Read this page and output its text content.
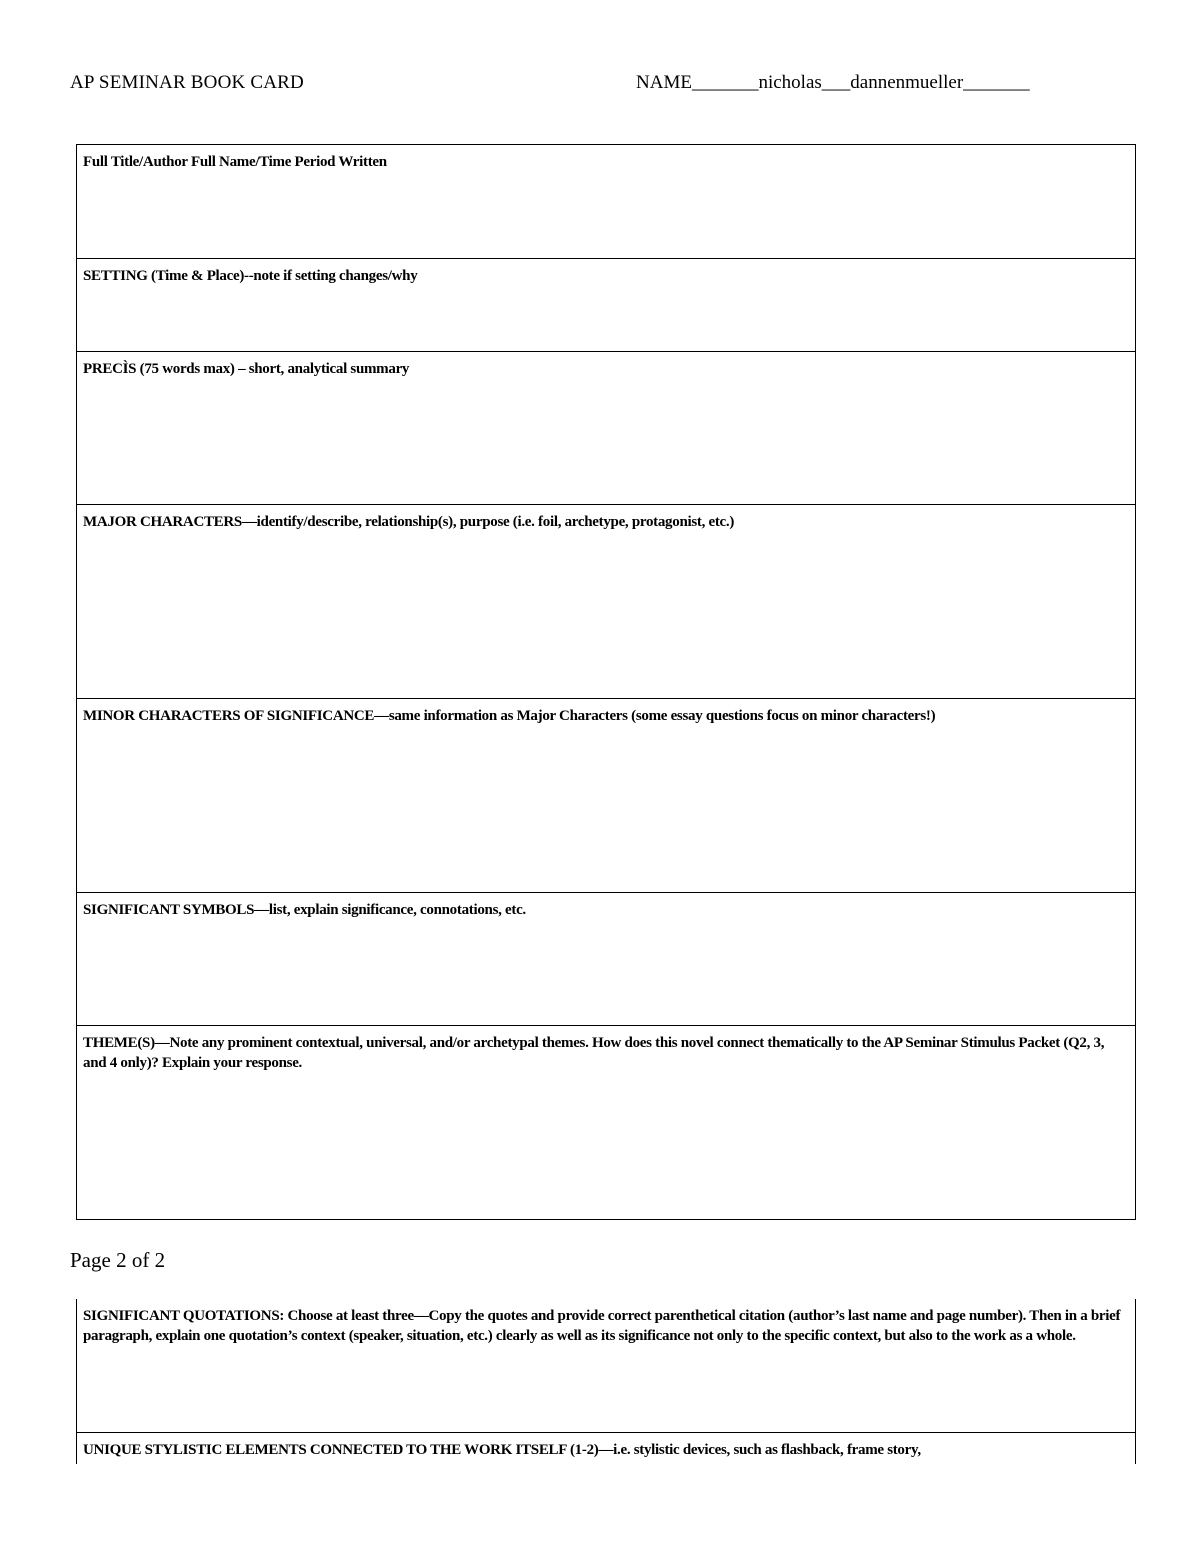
AP SEMINAR BOOK CARD	NAME_______nicholas___dannenmueller_______
Full Title/Author Full Name/Time Period Written
SETTING (Time & Place)--note if setting changes/why
PRECÌS (75 words max) – short, analytical summary
MAJOR CHARACTERS—identify/describe, relationship(s), purpose (i.e. foil, archetype, protagonist, etc.)
MINOR CHARACTERS OF SIGNIFICANCE—same information as Major Characters (some essay questions focus on minor characters!)
SIGNIFICANT SYMBOLS—list, explain significance, connotations, etc.
THEME(S)—Note any prominent contextual, universal, and/or archetypal themes. How does this novel connect thematically to the AP Seminar Stimulus Packet (Q2, 3, and 4 only)? Explain your response.
Page 2 of 2
SIGNIFICANT QUOTATIONS: Choose at least three—Copy the quotes and provide correct parenthetical citation (author’s last name and page number). Then in a brief paragraph, explain one quotation’s context (speaker, situation, etc.) clearly as well as its significance not only to the specific context, but also to the work as a whole.
UNIQUE STYLISTIC ELEMENTS CONNECTED TO THE WORK ITSELF (1-2)—i.e. stylistic devices, such as flashback, frame story,
